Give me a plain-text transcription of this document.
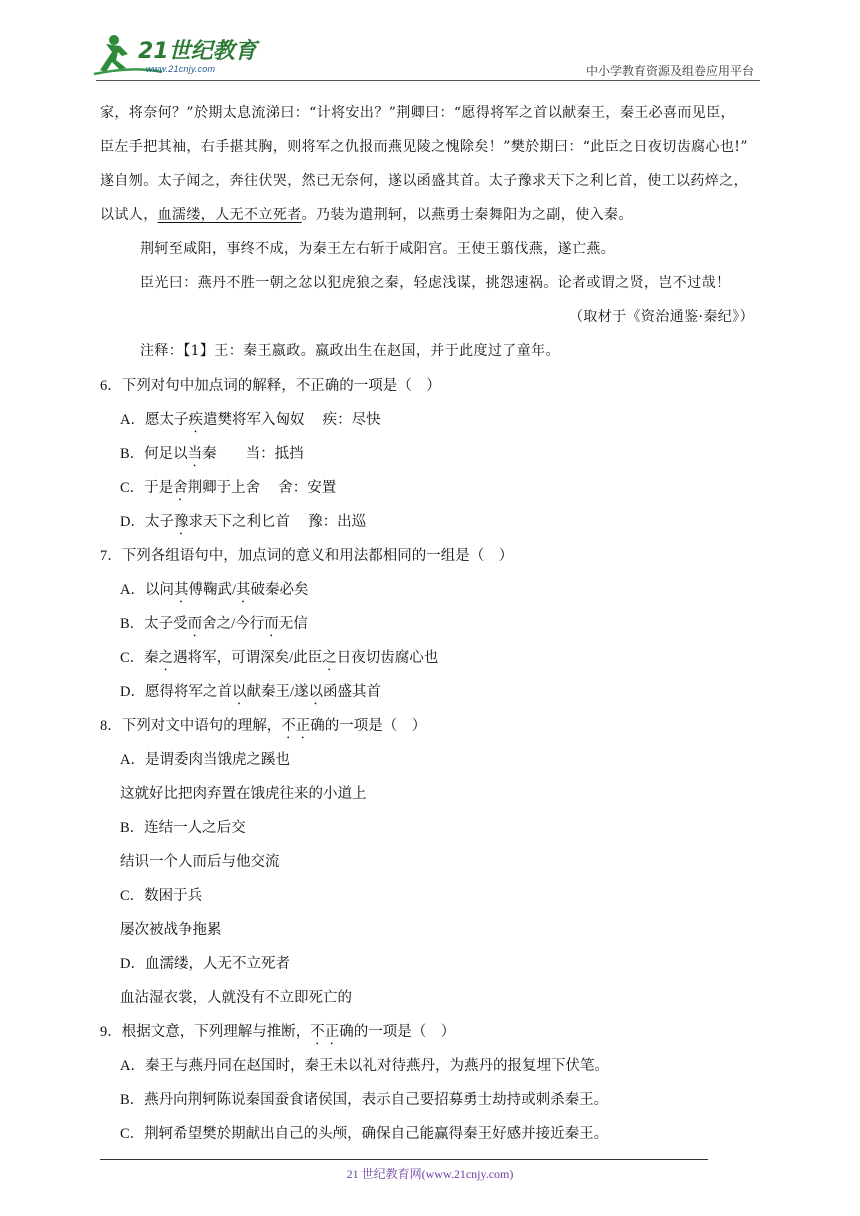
21世纪教育
www.21cnjy.com	中小学教育资源及组卷应用平台
家，将奈何？”於期太息流涕曰：“计将安出？”荆卿曰：“愿得将军之首以献秦王，秦王必喜而见臣，
臣左手把其袖，右手揕其胸，则将军之仇报而燕见陵之愧除矣！”樊於期曰：“此臣之日夜切齿腐心也!”
遂自刎。太子闻之，奔往伏哭，然已无奈何，遂以函盛其首。太子豫求天下之利匕首，使工以药焠之，
以试人，血濡缕，人无不立死者。乃装为遣荆轲，以燕勇士秦舞阳为之副，使入秦。
荆轲至咸阳，事终不成，为秦王左右斩于咸阳宫。王使王翦伐燕，遂亡燕。
臣光曰：燕丹不胜一朝之忿以犯虎狼之秦，轻虑浅谋，挑怨速祸。论者或谓之贤，岂不过哉！
（取材于《资治通鉴·秦纪》）
注释：【1】王：秦王嬴政。嬴政出生在赵国，并于此度过了童年。
6．下列对句中加点词的解释，不正确的一项是（　）
A．愿太子疾遣樊将军入匈奴　 疾：尽快
B．何足以当秦　　当：抵挡
C．于是舍荆卿于上舍　 舍：安置
D．太子豫求天下之利匕首　 豫：出巡
7．下列各组语句中，加点词的意义和用法都相同的一组是（　）
A．以问其傅鞠武/其破秦必矣
B．太子受而舍之/今行而无信
C．秦之遇将军，可谓深矣/此臣之日夜切齿腐心也
D．愿得将军之首以献秦王/遂以函盛其首
8．下列对文中语句的理解，不正确的一项是（　）
A．是谓委肉当饿虎之蹊也
这就好比把肉弃置在饿虎往来的小道上
B．连结一人之后交
结识一个人而后与他交流
C．数困于兵
屡次被战争拖累
D．血濡缕，人无不立死者
血沾湿衣裳，人就没有不立即死亡的
9．根据文意，下列理解与推断，不正确的一项是（　）
A．秦王与燕丹同在赵国时，秦王未以礼对待燕丹，为燕丹的报复埋下伏笔。
B．燕丹向荆轲陈说秦国蚕食诸侯国，表示自己要招募勇士劫持或刺杀秦王。
C．荆轲希望樊於期献出自己的头颅，确保自己能赢得秦王好感并接近秦王。
21 世纪教育网(www.21cnjy.com)
